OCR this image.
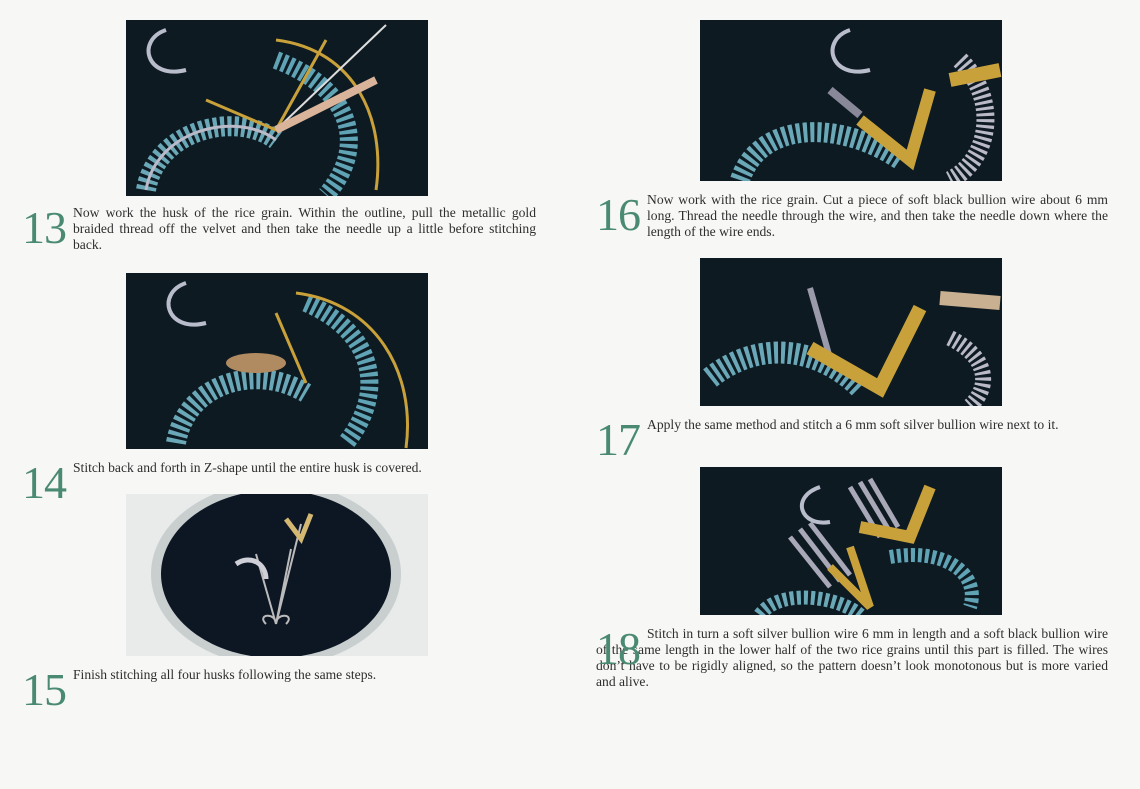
13 Now work the husk of the rice grain. Within the outline, pull the metallic gold braided thread off the velvet and then take the needle up a little before stitching back.
14 Stitch back and forth in Z-shape until the entire husk is covered.
15 Finish stitching all four husks following the same steps.
16 Now work with the rice grain. Cut a piece of soft black bullion wire about 6 mm long. Thread the needle through the wire, and then take the needle down where the length of the wire ends.
17 Apply the same method and stitch a 6 mm soft silver bullion wire next to it.
18 Stitch in turn a soft silver bullion wire 6 mm in length and a soft black bullion wire of the same length in the lower half of the two rice grains until this part is filled. The wires don’t have to be rigidly aligned, so the pattern doesn’t look monotonous but is more varied and alive.
